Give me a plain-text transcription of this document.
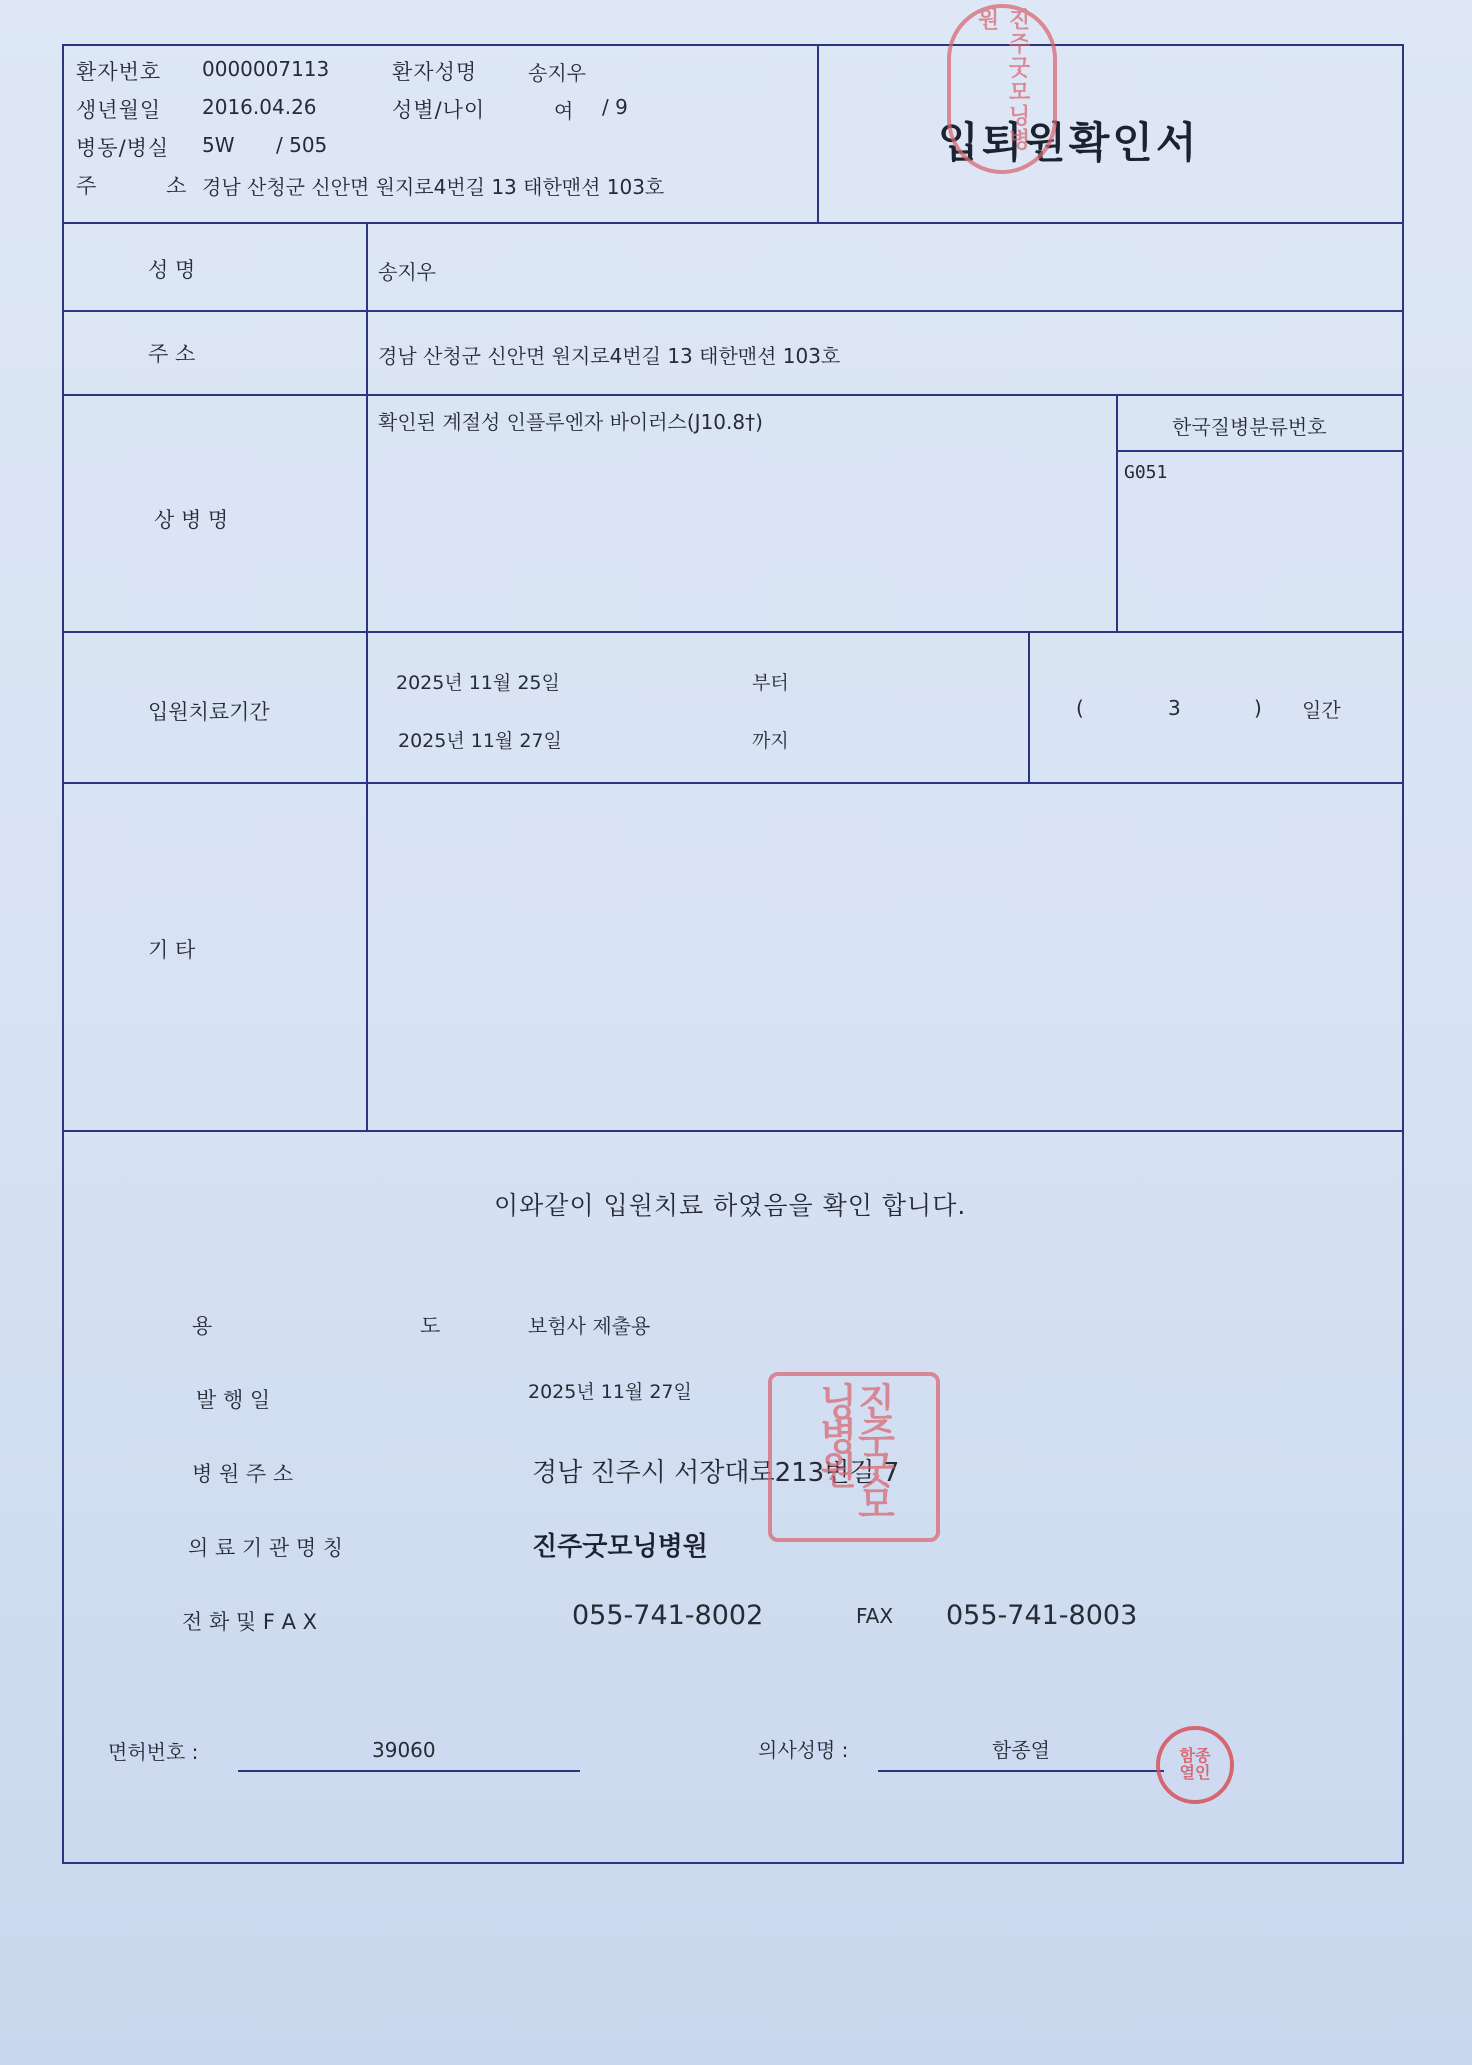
환자번호 0000007113	환자성명	송지우
생년월일 2016.04.26	성별/나이	여 / 9
병동/병실 5W / 505
주	소 경남 산청군 신안면 원지로4번길 13 태한맨션 103호
입퇴원확인서
진주굿모닝병원
성 명	송지우
주 소	경남 산청군 신안면 원지로4번길 13 태한맨션 103호
상 병 명
확인된 계절성 인플루엔자 바이러스(J10.8†)	한국질병분류번호
G051
입원치료기간
2025년 11월 25일	부터
2025년 11월 27일	까지
(	3	) 일간
기 타
이와같이 입원치료 하였음을 확인 합니다.
용	도	보험사 제출용
발 행 일	2025년 11월 27일
병 원 주 소	경남 진주시 서장대로213번길 7
의 료 기 관 명 칭	진주굿모닝병원
전 화 및 F A X	055-741-8002	FAX 055-741-8003
진주굿모닝병원
면허번호 :	39060	의사성명 :	함종열	함종열인
